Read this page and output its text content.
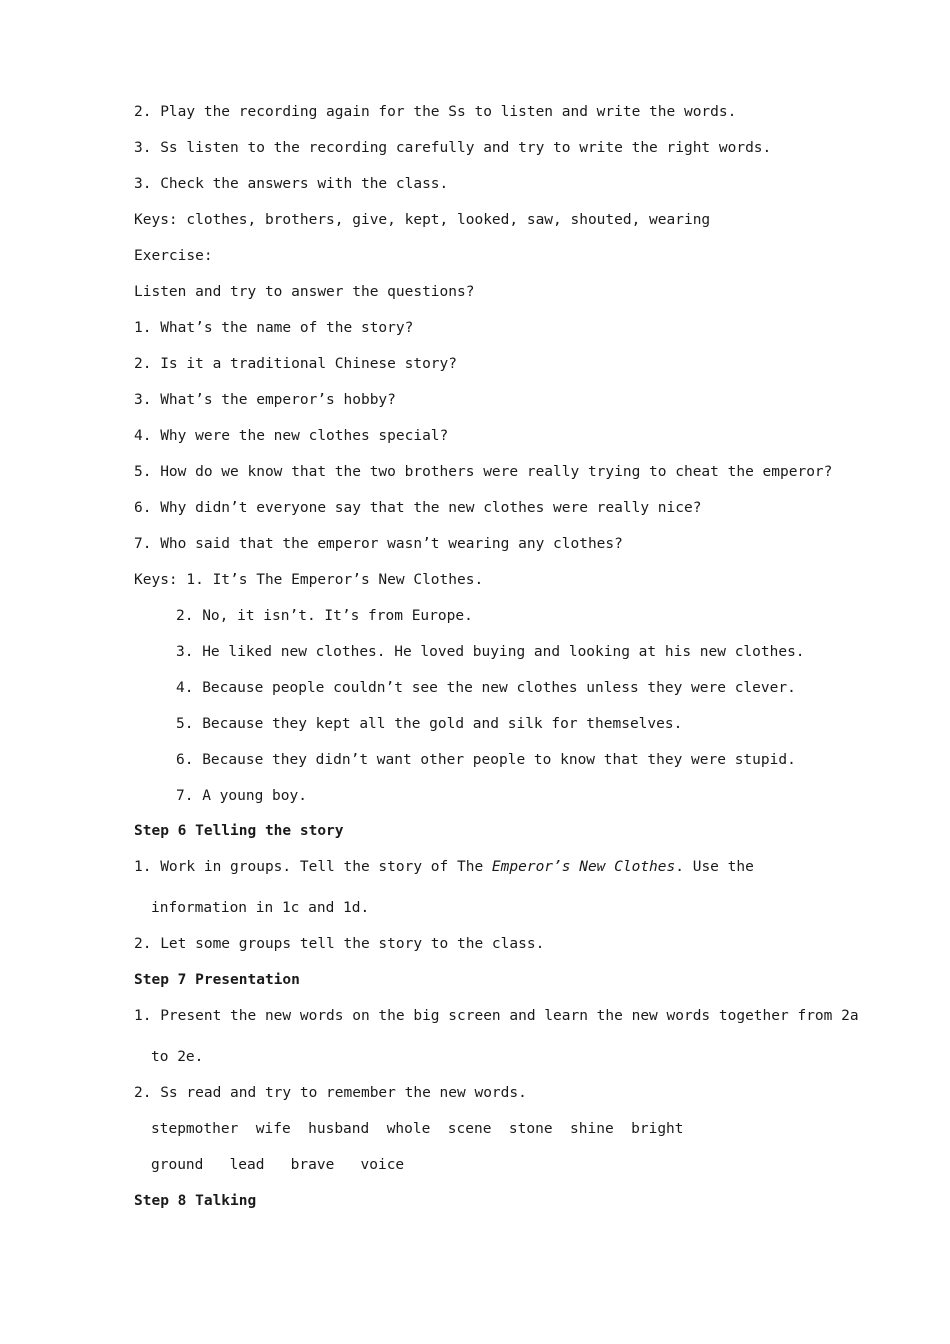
2. Play the recording again for the Ss to listen and write the words.
3. Ss listen to the recording carefully and try to write the right words.
3. Check the answers with the class.
Keys: clothes, brothers, give, kept, looked, saw, shouted, wearing
Exercise:
Listen and try to answer the questions?
1. What’s the name of the story?
2. Is it a traditional Chinese story?
3. What’s the emperor’s hobby?
4. Why were the new clothes special?
5. How do we know that the two brothers were really trying to cheat the emperor?
6. Why didn’t everyone say that the new clothes were really nice?
7. Who said that the emperor wasn’t wearing any clothes?
Keys: 1. It’s The Emperor’s New Clothes.
2. No, it isn’t. It’s from Europe.
3. He liked new clothes. He loved buying and looking at his new clothes.
4. Because people couldn’t see the new clothes unless they were clever.
5. Because they kept all the gold and silk for themselves.
6. Because they didn’t want other people to know that they were stupid.
7. A young boy.
Step 6 Telling the story
1. Work in groups. Tell the story of The Emperor’s New Clothes. Use the
information in 1c and 1d.
2. Let some groups tell the story to the class.
Step 7 Presentation
1. Present the new words on the big screen and learn the new words together from 2a
to 2e.
2. Ss read and try to remember the new words.
stepmother  wife  husband  whole  scene  stone  shine  bright
ground   lead   brave   voice
Step 8 Talking
